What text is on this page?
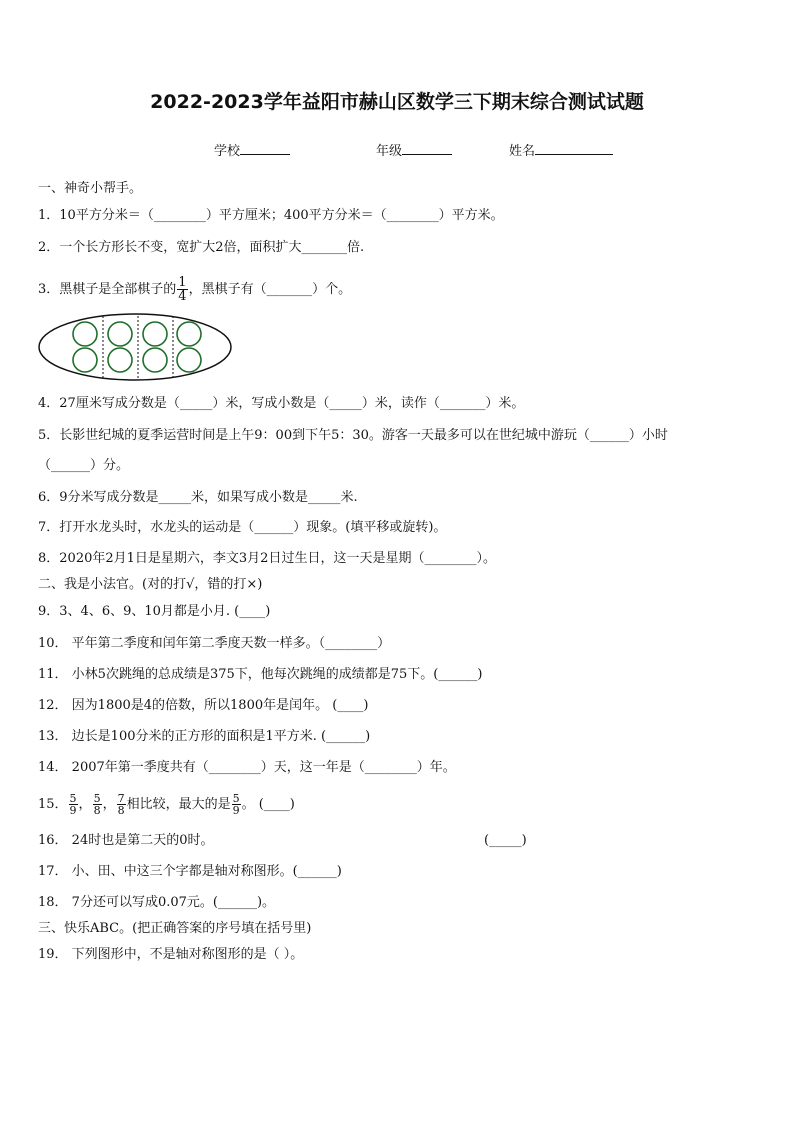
2022-2023学年益阳市赫山区数学三下期末综合测试试题
学校	年级	姓名
一、神奇小帮手。
1．10平方分米＝（________）平方厘米；400平方分米＝（________）平方米。
2．一个长方形长不变，宽扩大2倍，面积扩大_______倍.
3．黑棋子是全部棋子的 $\frac{1}{4}$ ，黑棋子有（_______）个。
4．27厘米写成分数是（_____）米，写成小数是（_____）米，读作（_______）米。
5．长影世纪城的夏季运营时间是上午9：00到下午5：30。游客一天最多可以在世纪城中游玩（______）小时
（______）分。
6．9分米写成分数是_____米，如果写成小数是_____米.
7．打开水龙头时，水龙头的运动是（______）现象。(填平移或旋转)。
8．2020年2月1日是星期六，李文3月2日过生日，这一天是星期（________）。
二、我是小法官。(对的打√，错的打×)
9．3、4、6、9、10月都是小月. (____)
10． 平年第二季度和闰年第二季度天数一样多。（________）
11． 小林5次跳绳的总成绩是375下，他每次跳绳的成绩都是75下。(______)
12． 因为1800是4的倍数，所以1800年是闰年。 (____)
13． 边长是100分米的正方形的面积是1平方米. (______)
14． 2007年第一季度共有（________）天，这一年是（________）年。
15． $\frac{5}{9}$ ， $\frac{5}{8}$ ， $\frac{7}{8}$ 相比较，最大的是 $\frac{5}{9}$ 。 (____)
16． 24时也是第二天的0时。	(_____)
17． 小、田、中这三个字都是轴对称图形。(______)
18． 7分还可以写成0.07元。(______)。
三、快乐ABC。(把正确答案的序号填在括号里)
19． 下列图形中，不是轴对称图形的是（ ）。
